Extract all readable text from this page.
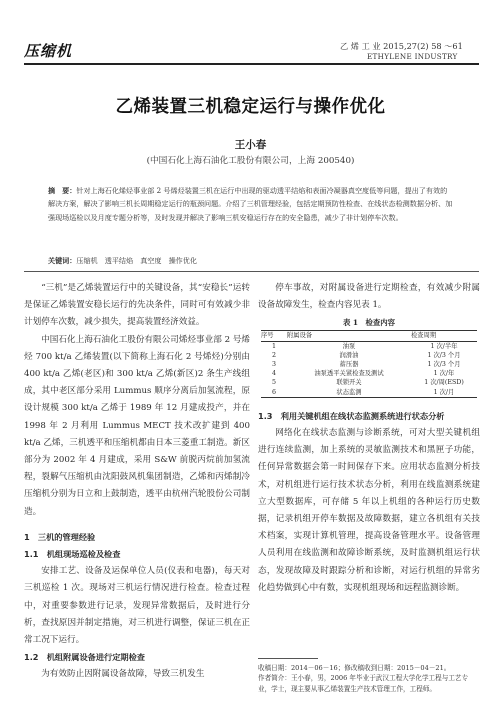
压缩机	乙 烯 工 业 2015,27(2) 58 ～61
ETHYLENE INDUSTRY
乙烯装置三机稳定运行与操作优化
王小春
(中国石化上海石油化工股份有限公司，上海 200540)
摘　要：针对上海石化烯烃事业部 2 号烯烃装置三机在运行中出现的驱动透平结焰和表面冷凝器真空度低等问题，提出了有效的解决方案，解决了影响三机长周期稳定运行的瓶颈问题。介绍了三机管理经验，包括定期预防性检查、在线状态检测数据分析、加强现场巡检以及月度专题分析等，及时发现并解决了影响三机安稳运行存在的安全隐患，减少了非计划停车次数。
关键词：压缩机　透平结焰　真空度　操作优化

“三机”是乙烯装置运行中的关键设备，其“安稳长”运转是保证乙烯装置安稳长运行的先决条件，同时可有效减少非计划停车次数，减少损失，提高装置经济效益。

中国石化上海石油化工股份有限公司烯烃事业部 2 号烯烃 700 kt/a 乙烯装置(以下简称上海石化 2 号烯烃)分别由 400 kt/a 乙烯(老区)和 300 kt/a 乙烯(新区)2 条生产线组成，其中老区部分采用 Lummus 顺序分离后加氢流程，原设计规模 300 kt/a 乙烯于 1989 年 12 月建成投产，并在 1998 年 2 月利用 Lummus MECT 技术改扩建到 400 kt/a 乙烯，三机透平和压缩机都由日本三菱重工制造。新区部分为 2002 年 4 月建成，采用 S&W 前脱丙烷前加氢流程，裂解气压缩机由沈阳鼓风机集团制造，乙烯和丙烯制冷压缩机分别为日立和上鼓制造，透平由杭州汽轮股份公司制造。

1　三机的管理经验

1.1　机组现场巡检及检查

安排工艺、设备及运保单位人员(仪表和电器)，每天对三机巡检 1 次。现场对三机运行情况进行检查。检查过程中，对重要参数进行记录，发现异常数据后，及时进行分析，查找原因并制定措施，对三机进行调整，保证三机在正常工况下运行。

1.2　机组附属设备进行定期检查

为有效防止因附属设备故障，导致三机发生

停车事故，对附属设备进行定期检查，有效减少附属设备故障发生，检查内容见表 1。

表 1　检查内容
序号	附属设备	检查周期
1	油泵	1 次/半年
2	润滑油	1 次/3 个月
3	蓄压器	1 次/3 个月
4	油泵透平关紧检查及测试	1 次/年
5	联锁开关	1 次/周(ESD)
6	状态监测	1 次/月

1.3　利用关键机组在线状态监测系统进行状态分析

网络化在线状态监测与诊断系统，可对大型关键机组进行连续监测，加上系统的灵敏监测技术和黑匣子功能，任何异常数据会第一时间保存下来。应用状态监测分析技术，对机组进行运行技术状态分析，利用在线监测系统建立大型数据库，可存储 5 年以上机组的各种运行历史数据，记录机组开停车数据及故障数据，建立各机组有关技术档案，实现计算机管理，提高设备管理水平。设备管理人员利用在线监测和故障诊断系统，及时监测机组运行状态，发现故障及时跟踪分析和诊断，对运行机组的异常劣化趋势做到心中有数，实现机组现场和远程监测诊断。

收稿日期：2014－06－16；修改稿收到日期：2015－04－21。
作者简介：王小春，男，2006 年毕业于武汉工程大学化学工程与工艺专业，学士，现主要从事乙烯装置生产技术管理工作，工程师。
